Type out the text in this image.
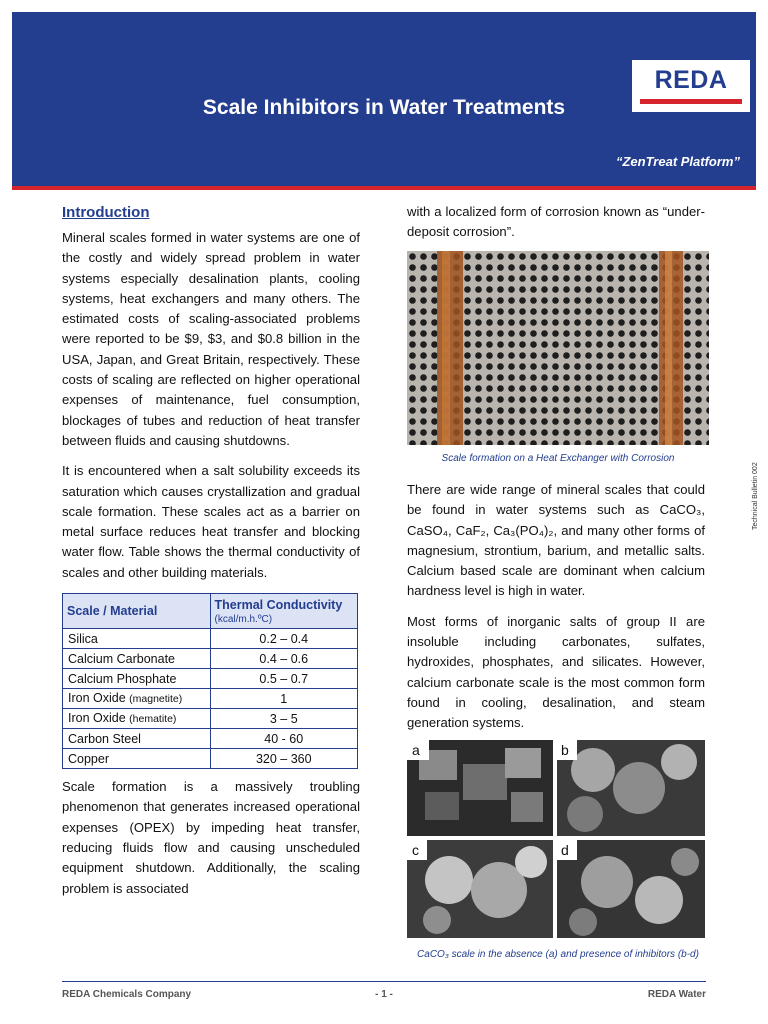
Scale Inhibitors in Water Treatments
REDA
“ZenTreat Platform”
Introduction

Mineral scales formed in water systems are one of the costly and widely spread problem in water systems especially desalination plants, cooling systems, heat exchangers and many others. The estimated costs of scaling-associated problems were reported to be $9, $3, and $0.8 billion in the USA, Japan, and Great Britain, respectively. These costs of scaling are reflected on higher operational expenses of maintenance, fuel consumption, blockages of tubes and reduction of heat transfer between fluids and causing shutdowns.

It is encountered when a salt solubility exceeds its saturation which causes crystallization and gradual scale formation. These scales act as a barrier on metal surface reduces heat transfer and blocking water flow. Table shows the thermal conductivity of scales and other building materials.

Scale / Material	Thermal Conductivity
(kcal/m.h.ºC)

Silica	0.2 – 0.4
Calcium Carbonate	0.4 – 0.6
Calcium Phosphate	0.5 – 0.7
Iron Oxide (magnetite)	1
Iron Oxide (hematite)	3 – 5
Carbon Steel	40 - 60
Copper	320 – 360

Scale formation is a massively troubling phenomenon that generates increased operational expenses (OPEX) by impeding heat transfer, reducing fluids flow and causing unscheduled equipment shutdown. Additionally, the scaling problem is associated

with a localized form of corrosion known as “under-deposit corrosion”.

Scale formation on a Heat Exchanger with Corrosion

There are wide range of mineral scales that could be found in water systems such as CaCO₃, CaSO₄, CaF₂, Ca₃(PO₄)₂, and many other forms of magnesium, strontium, barium, and metallic salts. Calcium based scale are dominant when calcium hardness level is high in water.

Most forms of inorganic salts of group II are insoluble including carbonates, sulfates, hydroxides, phosphates, and silicates. However, calcium carbonate scale is the most common form found in cooling, desalination, and steam generation systems.

a	b
c	d
CaCO₃ scale in the absence (a) and presence of inhibitors (b-d)
Technical Bulletin 002
REDA Chemicals Company	- 1 -	REDA Water
